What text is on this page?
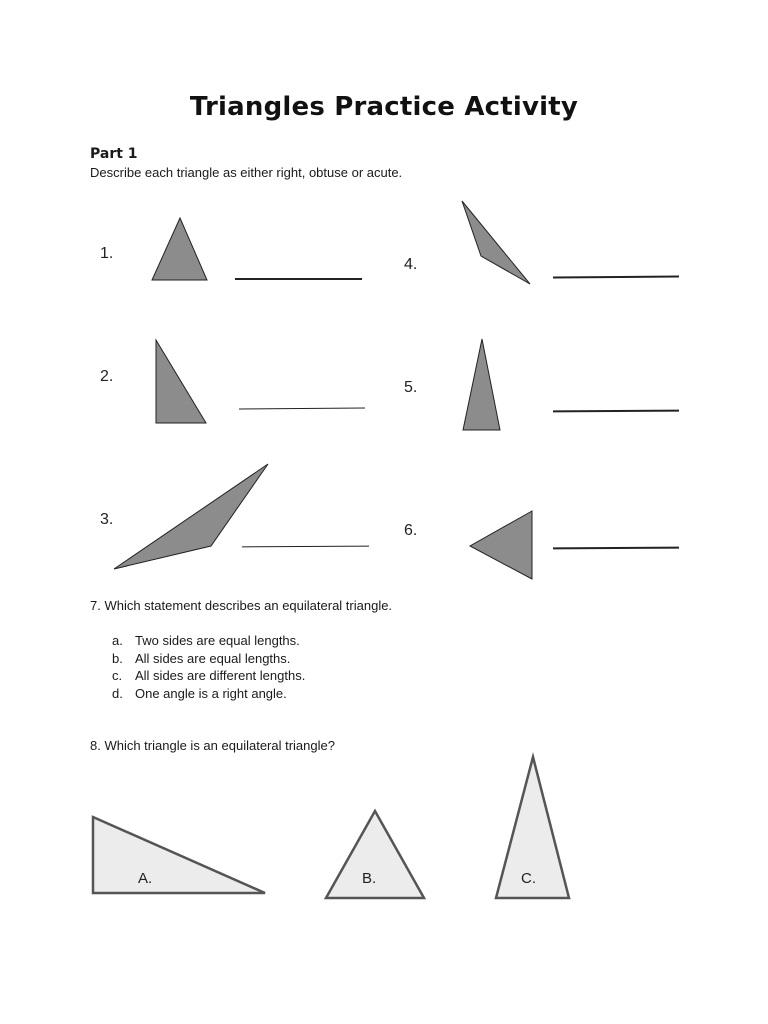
Triangles Practice Activity
Part 1
Describe each triangle as either right, obtuse or acute.
1.
2.
3.
4.
5.
6.
7. Which statement describes an equilateral triangle.
a. Two sides are equal lengths.
b. All sides are equal lengths.
c. All sides are different lengths.
d. One angle is a right angle.
8. Which triangle is an equilateral triangle?
A.	B.	C.
